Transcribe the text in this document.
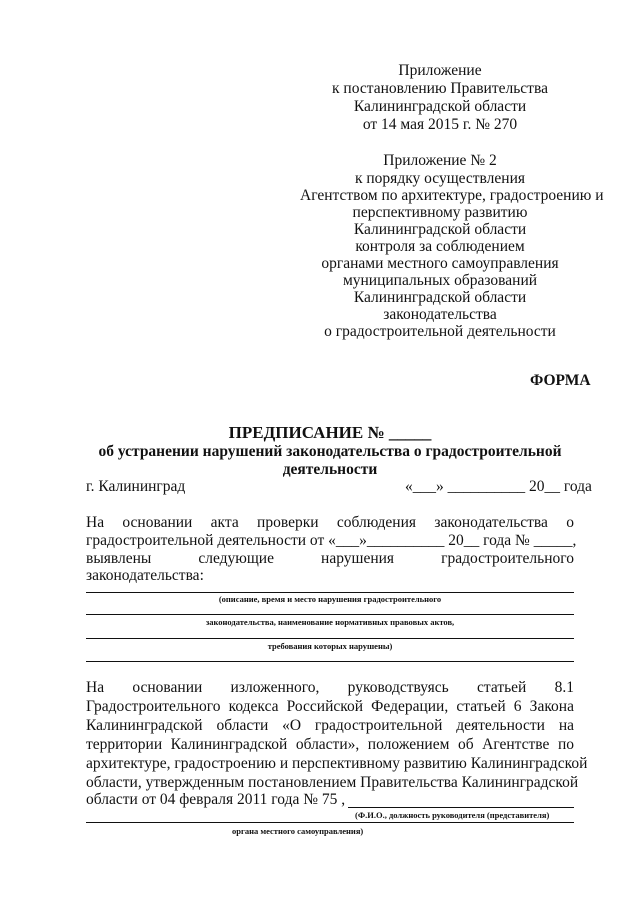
Приложение
к постановлению Правительства
Калининградской области
от 14 мая 2015 г. № 270
Приложение № 2
к порядку осуществления
Агентством по архитектуре, градостроению и
перспективному развитию
Калининградской области
контроля за соблюдением
органами местного самоуправления
муниципальных образований
Калининградской области
законодательства
о градостроительной деятельности
ФОРМА
ПРЕДПИСАНИЕ № _____
об устранении нарушений законодательства о градостроительной
деятельности
г. Калининград	«___» __________ 20__ года
На основании акта проверки соблюдения законодательства о
градостроительной деятельности от «___»__________ 20__ года № _____,
выявлены следующие нарушения градостроительного
законодательства:
(описание, время и место нарушения градостроительного
законодательства, наименование нормативных правовых актов,
требования которых нарушены)
На основании изложенного, руководствуясь статьей 8.1
Градостроительного кодекса Российской Федерации, статьей 6 Закона
Калининградской области «О градостроительной деятельности на
территории Калининградской области», положением об Агентстве по
архитектуре, градостроению и перспективному развитию Калининградской
области, утвержденным постановлением Правительства Калининградской
области от 04 февраля 2011 года № 75 ,
(Ф.И.О., должность руководителя (представителя)
органа местного самоуправления)
